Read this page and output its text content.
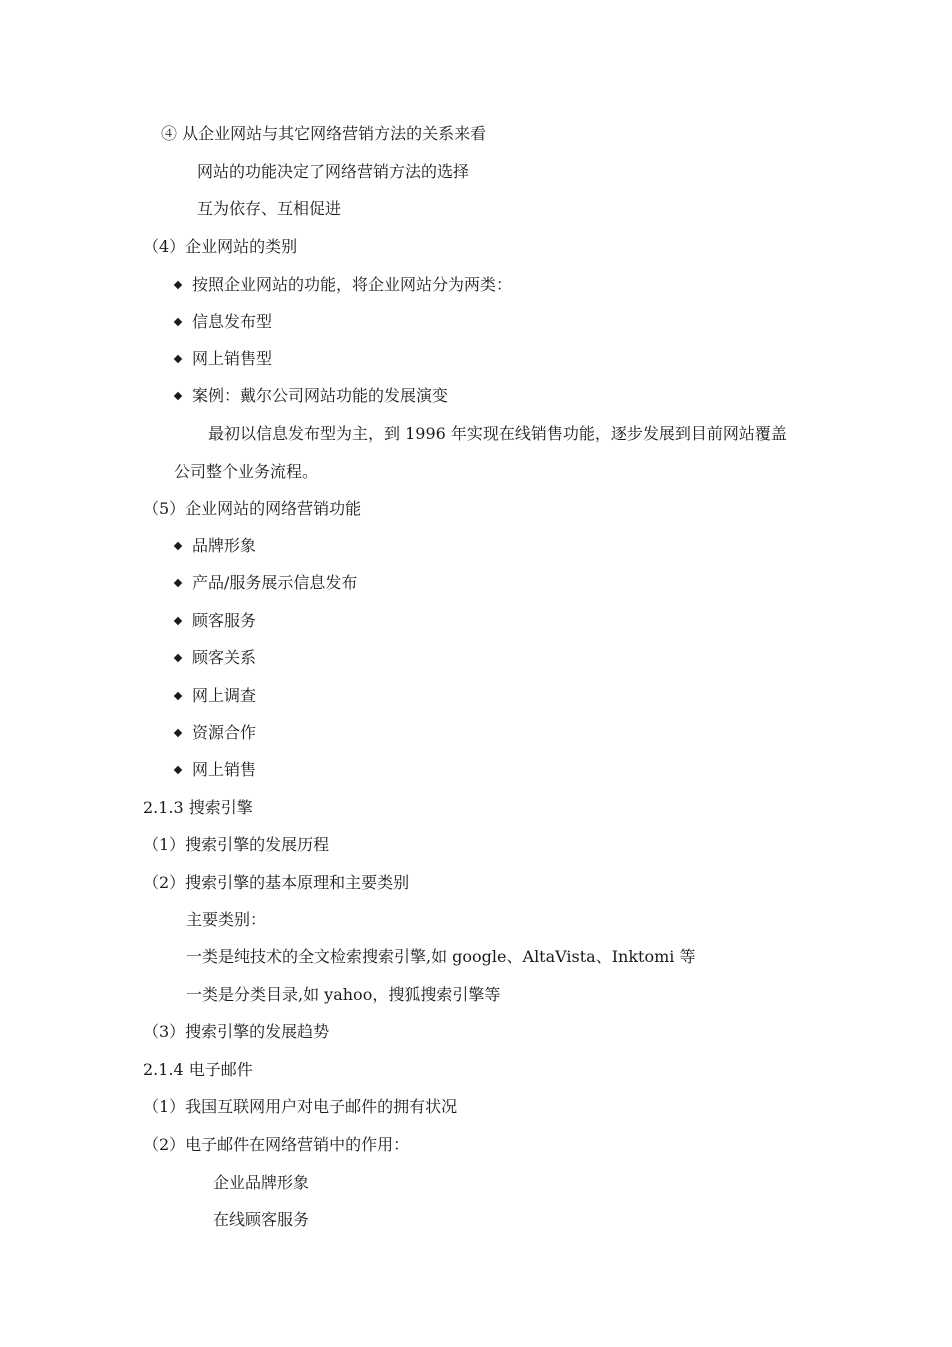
④ 从企业网站与其它网络营销方法的关系来看
网站的功能决定了网络营销方法的选择
互为依存、互相促进
（4）企业网站的类别
按照企业网站的功能，将企业网站分为两类：
信息发布型
网上销售型
案例：戴尔公司网站功能的发展演变
最初以信息发布型为主，到 1996 年实现在线销售功能，逐步发展到目前网站覆盖
公司整个业务流程。
（5）企业网站的网络营销功能
品牌形象
产品/服务展示信息发布
顾客服务
顾客关系
网上调查
资源合作
网上销售
2.1.3 搜索引擎
（1）搜索引擎的发展历程
（2）搜索引擎的基本原理和主要类别
主要类别：
一类是纯技术的全文检索搜索引擎,如 google、AltaVista、Inktomi 等
一类是分类目录,如 yahoo，搜狐搜索引擎等
（3）搜索引擎的发展趋势
2.1.4 电子邮件
（1）我国互联网用户对电子邮件的拥有状况
（2）电子邮件在网络营销中的作用：
企业品牌形象
在线顾客服务
